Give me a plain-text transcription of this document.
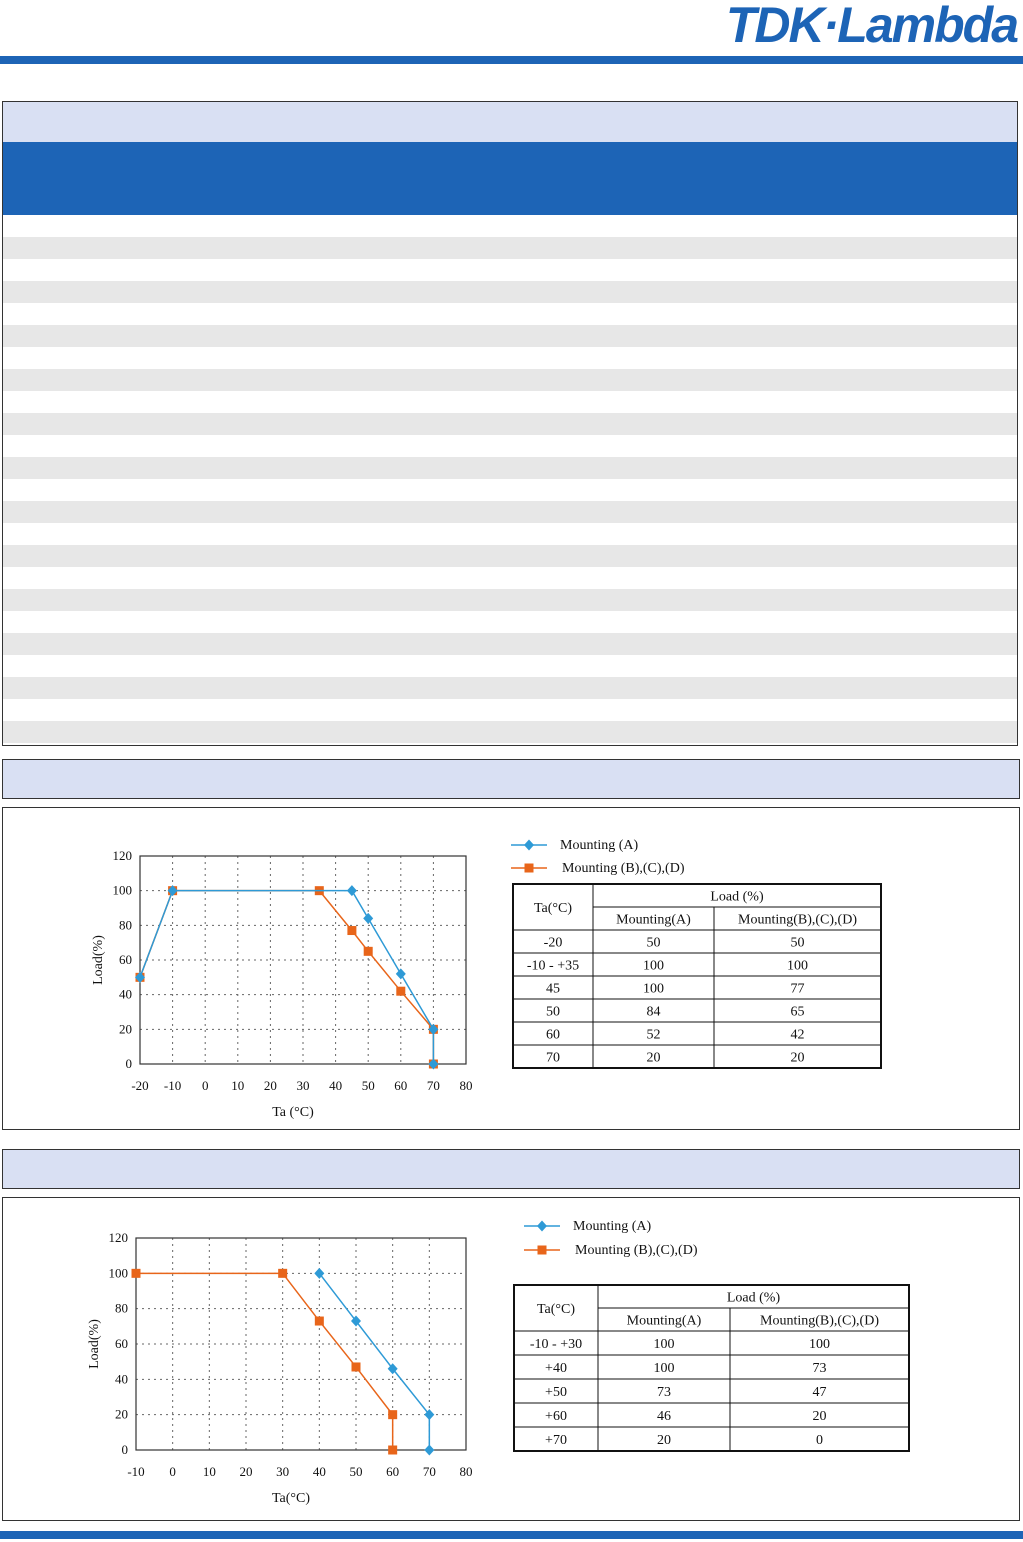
TDK·Lambda
-20 -10 0 10 20 30 40 50 60 70 80
0
20
40
60
80
100
120
Ta (°C)
Load(%)
Mounting (A)
Mounting (B),(C),(D)
Ta(°C)
Load (%)
Mounting(A)	Mounting(B),(C),(D)
-20	50	50
-10 - +35	100	100
45	100	77
50	84	65
60	52	42
70	20	20
-10 0 10 20 30 40 50 60 70 80
0
20
40
60
80
100
120
Ta(°C)
Load(%)
Mounting (A)
Mounting (B),(C),(D)
Ta(°C)
Load (%)
Mounting(A)	Mounting(B),(C),(D)
-10 - +30	100	100
+40	100	73
+50	73	47
+60	46	20
+70	20	0
